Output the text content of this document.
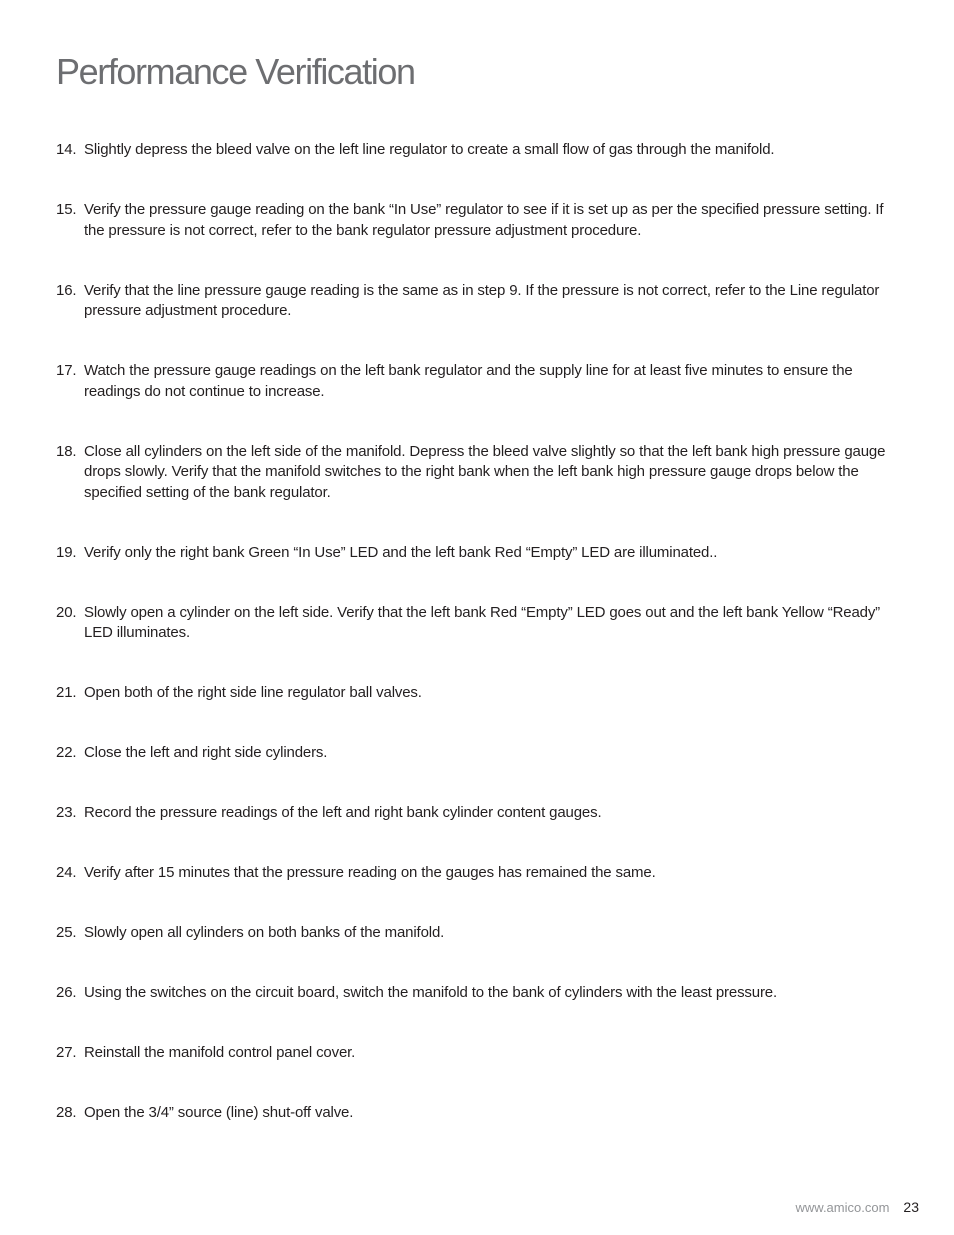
Performance Verification
14. Slightly depress the bleed valve on the left line regulator to create a small flow of gas through the manifold.
15. Verify the pressure gauge reading on the bank “In Use” regulator to see if it is set up as per the specified pressure setting. If the pressure is not correct, refer to the bank regulator pressure adjustment procedure.
16. Verify that the line pressure gauge reading is the same as in step 9. If the pressure is not correct, refer to the Line regulator pressure adjustment procedure.
17. Watch the pressure gauge readings on the left bank regulator and the supply line for at least five minutes to ensure the readings do not continue to increase.
18. Close all cylinders on the left side of the manifold. Depress the bleed valve slightly so that the left bank high pressure gauge drops slowly. Verify that the manifold switches to the right bank when the left bank high pressure gauge drops below the specified setting of the bank regulator.
19. Verify only the right bank Green “In Use” LED and the left bank Red “Empty” LED are illuminated..
20. Slowly open a cylinder on the left side. Verify that the left bank Red “Empty” LED goes out and the left bank Yellow “Ready” LED illuminates.
21. Open both of the right side line regulator ball valves.
22. Close the left and right side cylinders.
23. Record the pressure readings of the left and right bank cylinder content gauges.
24. Verify after 15 minutes that the pressure reading on the gauges has remained the same.
25. Slowly open all cylinders on both banks of the manifold.
26. Using the switches on the circuit board, switch the manifold to the bank of cylinders with the least pressure.
27. Reinstall the manifold control panel cover.
28. Open the 3/4” source (line) shut-off valve.
www.amico.com 23
